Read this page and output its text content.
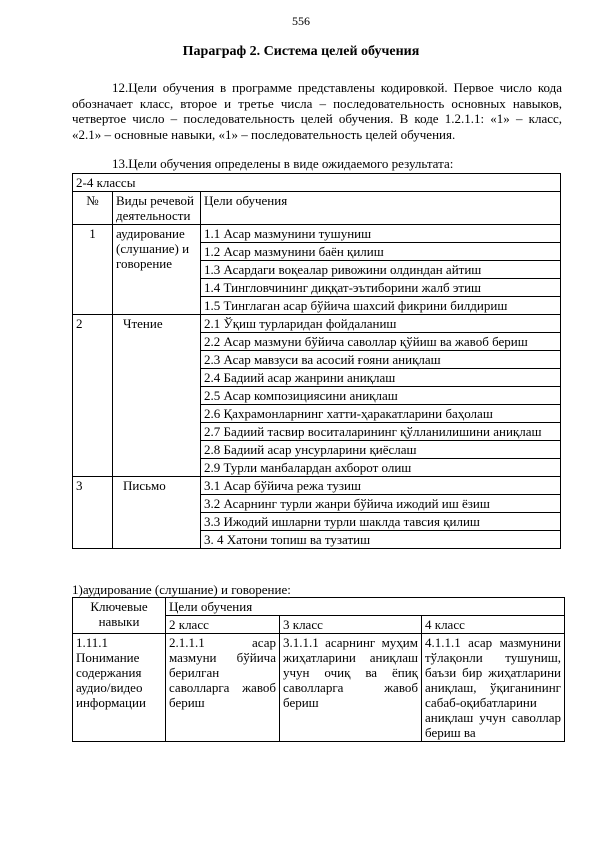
556
Параграф 2. Система целей обучения

12.Цели обучения в программе представлены кодировкой. Первое число кода обозначает класс, второе и третье числа – последовательность основных навыков, четвертое число – последовательность целей обучения. В коде 1.2.1.1: «1» – класс, «2.1» – основные навыки, «1» – последовательность целей обучения.

13.Цели обучения определены в виде ожидаемого результата:

2-4 классы		
№	Виды речевой деятельности	Цели обучения
1	аудирование (слушание) и говорение	1.1 Асар мазмунини тушуниш
		1.2 Асар мазмунини баён қилиш
		1.3 Асардаги воқеалар ривожини олдиндан айтиш
		1.4 Тингловчининг диққат-эътиборини жалб этиш
		1.5 Тинглаган асар бўйича шахсий фикрини билдириш
2	Чтение	2.1 Ўқиш турларидан фойдаланиш
		2.2 Асар мазмуни бўйича саволлар қўйиш ва жавоб бериш
		2.3 Асар мавзуси ва асосий ғояни аниқлаш
		2.4 Бадиий асар жанрини аниқлаш
		2.5 Асар композициясини аниқлаш
		2.6 Қахрамонларнинг хатти-ҳаракатларини баҳолаш
		2.7 Бадиий тасвир воситаларининг қўлланилишини аниқлаш
		2.8 Бадиий асар унсурларини қиёслаш
		2.9 Турли манбалардан ахборот олиш
3	Письмо	3.1 Асар бўйича режа тузиш
		3.2 Асарнинг турли жанри бўйича ижодий иш ёзиш
		3.3 Ижодий ишларни турли шаклда тавсия қилиш
		3. 4 Хатони топиш ва тузатиш
1)аудирование (слушание) и говорение:
Ключевые навыки	Цели обучения		
	2 класс	3 класс	4 класс
1.11.1 Понимание содержания аудио/видео информации	2.1.1.1 асар мазмуни бўйича берилган саволларга жавоб бериш	3.1.1.1 асарнинг муҳим жиҳатларини аниқлаш учун очиқ ва ёпиқ саволларга жавоб бериш	4.1.1.1 асар мазмунини тўлақонли тушуниш, баъзи бир жиҳатларини аниқлаш, ўқиганининг сабаб-оқибатларини аниқлаш учун саволлар бериш ва
